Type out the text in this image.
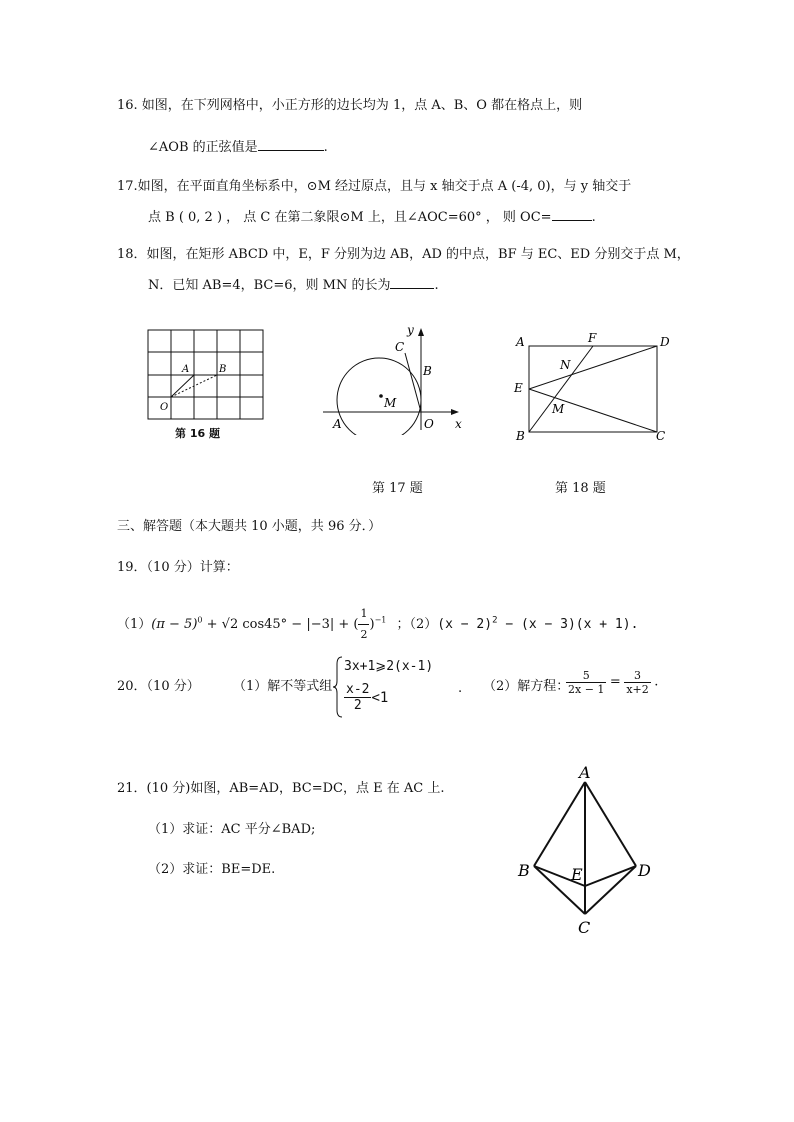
16. 如图，在下列网格中，小正方形的边长均为 1，点 A、B、O 都在格点上，则
∠AOB 的正弦值是	.
17.如图，在平面直角坐标系中，⊙M 经过原点，且与 x 轴交于点 A (-4, 0)，与 y 轴交于
点 B ( 0, 2 ) ， 点 C 在第二象限⊙M 上，且∠AOC=60° ， 则 OC=	.
18．如图，在矩形 ABCD 中，E，F 分别为边 AB，AD 的中点，BF 与 EC、ED 分别交于点 M，
N．已知 AB=4，BC=6，则 MN 的长为	.
A	B
O
第 16 题
y
x
C
B
M
A	O
第 17 题
A	F	D
N
E
M
B	C
第 18 题
三、解答题（本大题共 10 小题，共 96 分．）
19．（10 分）计算：
$(1)(\pi - 5)^0 + √2$ cos45° − |−3| + ( $\frac{1}{2} )^{-1}$ ；$(2)(x - 2)^2 - (x - 3)(x + 1)$.
20．（10 分）	（1）解不等式组
3x+1⩾2(x-1)
$\frac{x-2}{2} <1$
. （2）解方程：
$\frac{5}{2x - 1} = \frac{3}{x+2}$ .
21．(10 分)如图，AB=AD，BC=DC，点 E 在 AC 上.
（1）求证：AC 平分∠BAD;
（2）求证：BE=DE.
A
B	E	D
C
